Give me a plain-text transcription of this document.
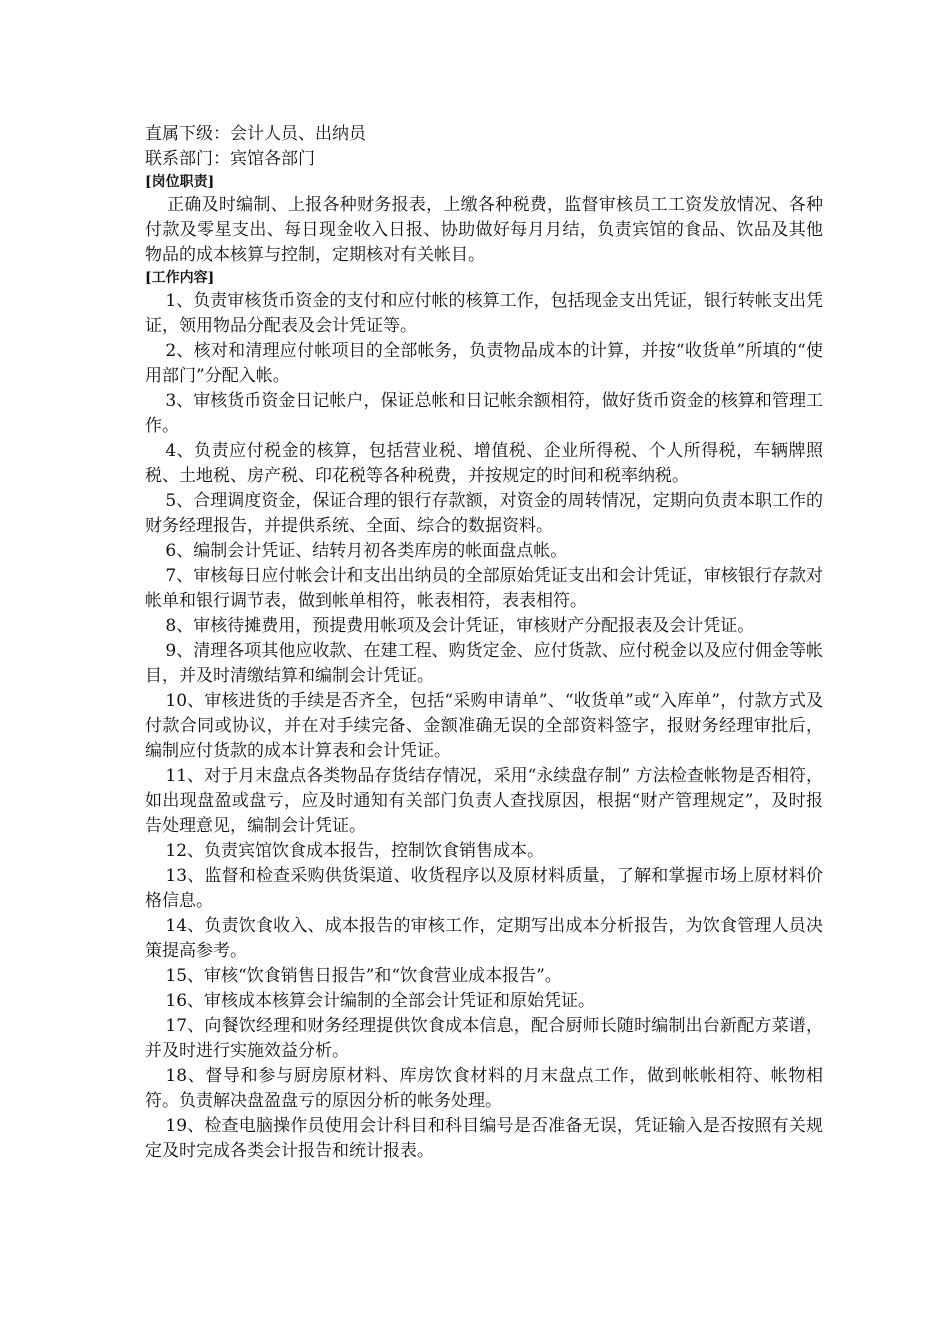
直属下级：会计人员、出纳员

联系部门：宾馆各部门

[岗位职责]

正确及时编制、上报各种财务报表，上缴各种税费，监督审核员工工资发放情况、各种付款及零星支出、每日现金收入日报、协助做好每月月结，负责宾馆的食品、饮品及其他物品的成本核算与控制，定期核对有关帐目。

[工作内容]

1、负责审核货币资金的支付和应付帐的核算工作，包括现金支出凭证，银行转帐支出凭证，领用物品分配表及会计凭证等。

2、核对和清理应付帐项目的全部帐务，负责物品成本的计算，并按“收货单”所填的“使用部门”分配入帐。

3、审核货币资金日记帐户，保证总帐和日记帐余额相符，做好货币资金的核算和管理工作。

4、负责应付税金的核算，包括营业税、增值税、企业所得税、个人所得税，车辆牌照税、土地税、房产税、印花税等各种税费，并按规定的时间和税率纳税。

5、合理调度资金，保证合理的银行存款额，对资金的周转情况，定期向负责本职工作的财务经理报告，并提供系统、全面、综合的数据资料。

6、编制会计凭证、结转月初各类库房的帐面盘点帐。

7、审核每日应付帐会计和支出出纳员的全部原始凭证支出和会计凭证，审核银行存款对帐单和银行调节表，做到帐单相符，帐表相符，表表相符。

8、审核待摊费用，预提费用帐项及会计凭证，审核财产分配报表及会计凭证。

9、清理各项其他应收款、在建工程、购货定金、应付货款、应付税金以及应付佣金等帐目，并及时清缴结算和编制会计凭证。

10、审核进货的手续是否齐全，包括“采购申请单”、“收货单”或“入库单”，付款方式及付款合同或协议，并在对手续完备、金额准确无误的全部资料签字，报财务经理审批后，编制应付货款的成本计算表和会计凭证。

11、对于月末盘点各类物品存货结存情况，采用“永续盘存制” 方法检查帐物是否相符，如出现盘盈或盘亏，应及时通知有关部门负责人查找原因，根据“财产管理规定”，及时报告处理意见，编制会计凭证。

12、负责宾馆饮食成本报告，控制饮食销售成本。

13、监督和检查采购供货渠道、收货程序以及原材料质量，了解和掌握市场上原材料价格信息。

14、负责饮食收入、成本报告的审核工作，定期写出成本分析报告，为饮食管理人员决策提高参考。

15、审核“饮食销售日报告”和“饮食营业成本报告”。

16、审核成本核算会计编制的全部会计凭证和原始凭证。

17、向餐饮经理和财务经理提供饮食成本信息，配合厨师长随时编制出台新配方菜谱，并及时进行实施效益分析。

18、督导和参与厨房原材料、库房饮食材料的月末盘点工作，做到帐帐相符、帐物相符。负责解决盘盈盘亏的原因分析的帐务处理。

19、检查电脑操作员使用会计科目和科目编号是否准备无误，凭证输入是否按照有关规定及时完成各类会计报告和统计报表。
